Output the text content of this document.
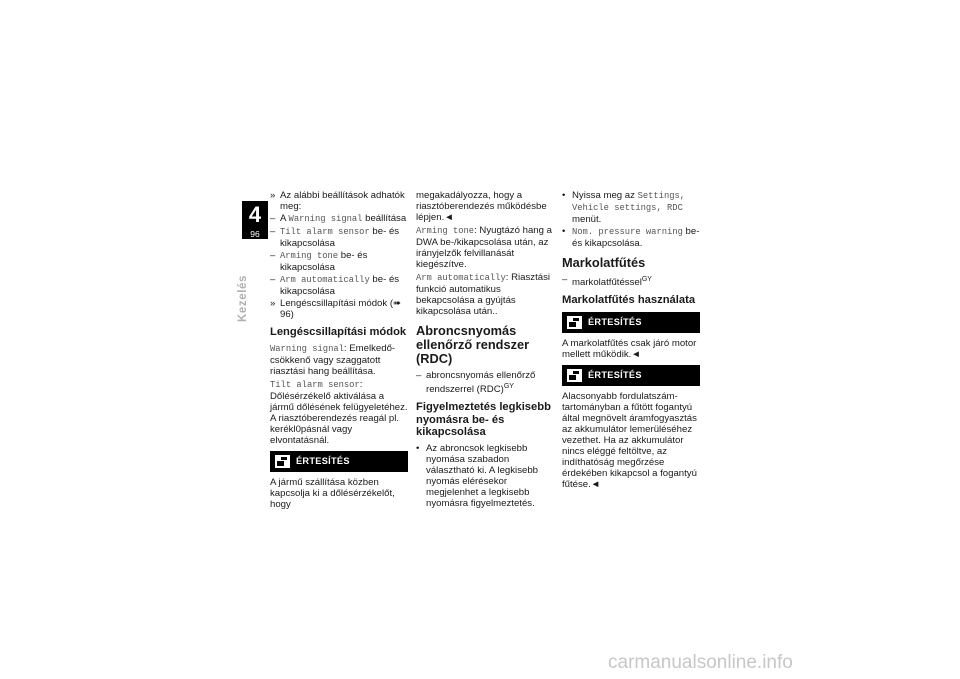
4
96
Kezelés
» Az alábbi beállítások adhatók meg:
– A Warning signal beállítása
– Tilt alarm sensor be- és kikapcsolása
– Arming tone be- és kikapcsolása
– Arm automatically be- és kikapcsolása
» Lengéscsillapítási módok (➠ 96)
Lengéscsillapítási módok

Warning signal: Emelkedő-csökkenő vagy szaggatott riasztási hang beállítása.

Tilt alarm sensor: Dőlésérzékelő aktiválása a jármű dőlésének felügyeletéhez. A riasztóberendezés reagál pl. kerékl0pásnál vagy elvontatásnál.

ÉRTESÍTÉS

A jármű szállítása közben kapcsolja ki a dőlésérzékelőt, hogy

megakadályozza, hogy a riasztóberendezés működésbe lépjen.◄

Arming tone: Nyugtázó hang a DWA be-/kikapcsolása után, az irányjelzők felvillanását kiegészítve.

Arm automatically: Riasztási funkció automatikus bekapcsolása a gyújtás kikapcsolása után..

Abroncsnyomás ellenőrző rendszer (RDC)
– abroncsnyomás ellenőrző rendszerrel (RDC)$^{GY}$
Figyelmeztetés legkisebb nyomásra be- és kikapcsolása
• Az abroncsok legkisebb nyomása szabadon választható ki. A legkisebb nyomás elérésekor megjelenhet a legkisebb nyomásra figyelmeztetés.
• Nyissa meg az Settings, Vehicle settings, RDC menüt.
• Nom. pressure warning be- és kikapcsolása.
Markolatfűtés
– markolatfűtéssel$^{GY}$
Markolatfűtés használata
ÉRTESÍTÉS

A markolatfűtés csak járó motor mellett működik.◄

ÉRTESÍTÉS

Alacsonyabb fordulatszám-tartományban a fűtött fogantyú által megnövelt áramfogyasztás az akkumulátor lemerüléséhez vezethet. Ha az akkumulátor nincs eléggé feltöltve, az indíthatóság megőrzése érdekében kikapcsol a fogantyú fűtése.◄

carmanualsonline.info
